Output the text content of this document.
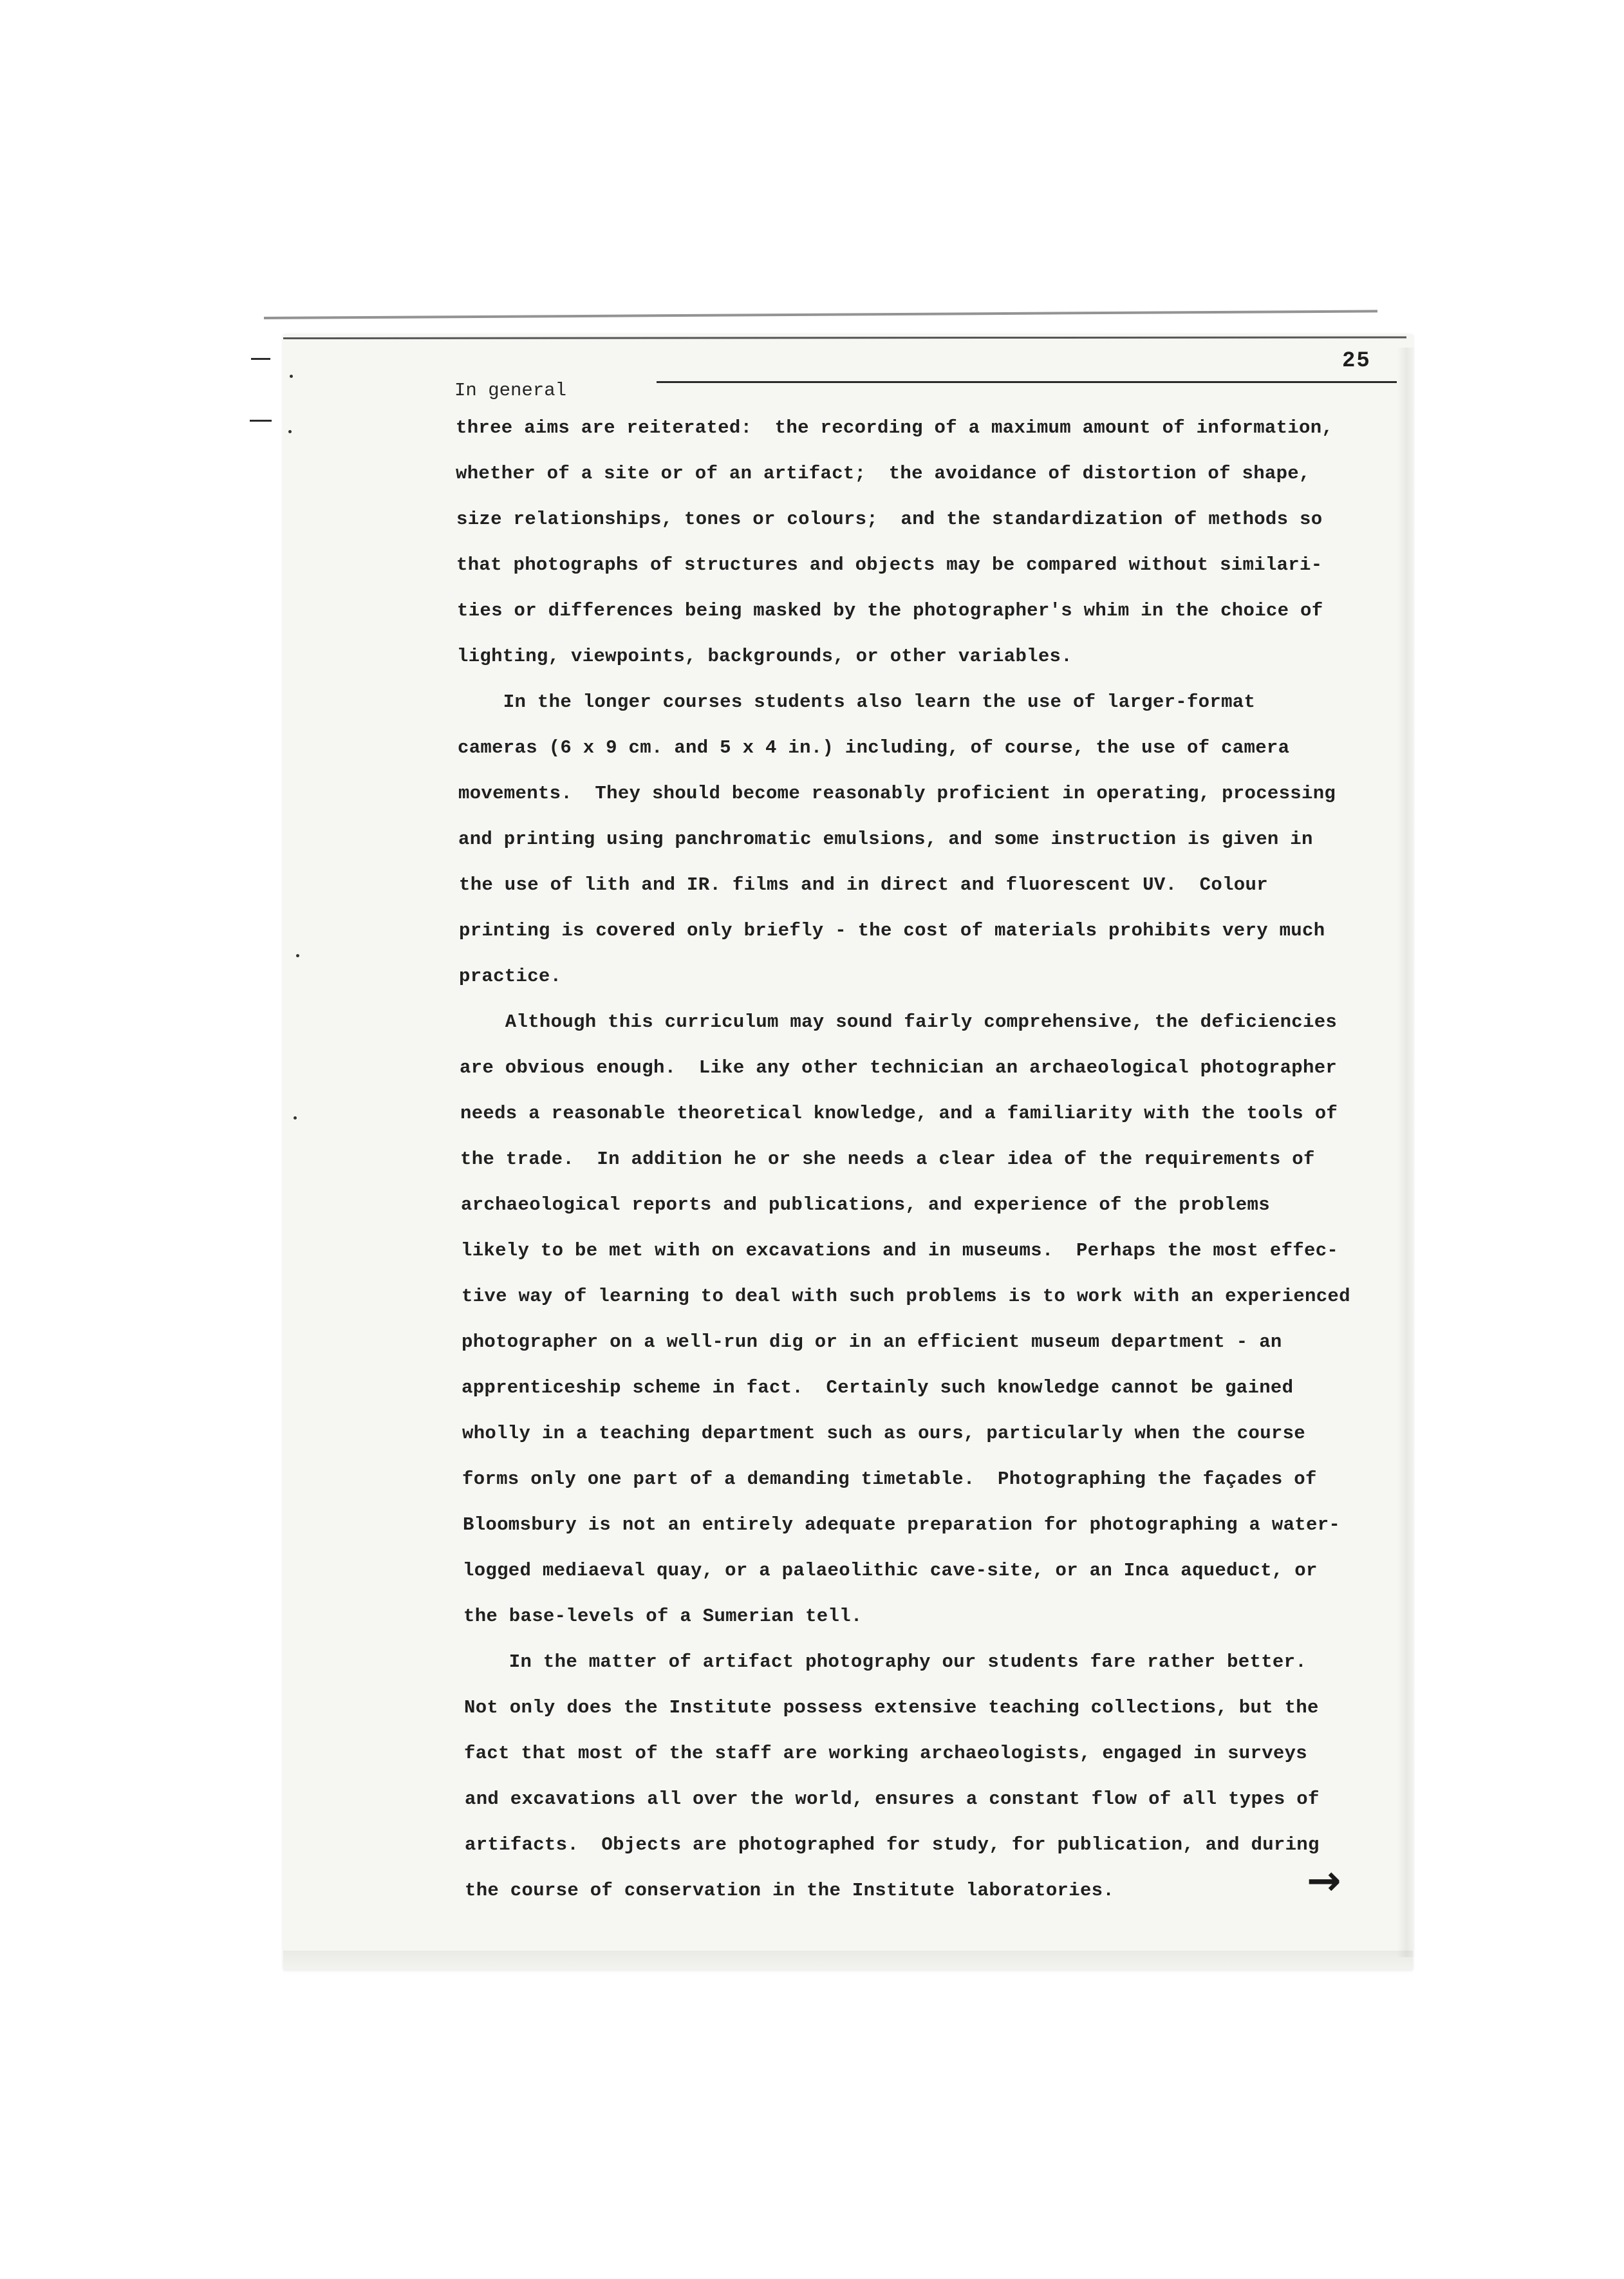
25
In general
three aims are reiterated:  the recording of a maximum amount of information,
whether of a site or of an artifact;  the avoidance of distortion of shape,
size relationships, tones or colours;  and the standardization of methods so
that photographs of structures and objects may be compared without similari-
ties or differences being masked by the photographer's whim in the choice of
lighting, viewpoints, backgrounds, or other variables.
In the longer courses students also learn the use of larger-format
cameras (6 x 9 cm. and 5 x 4 in.) including, of course, the use of camera
movements.  They should become reasonably proficient in operating, processing
and printing using panchromatic emulsions, and some instruction is given in
the use of lith and IR. films and in direct and fluorescent UV.  Colour
printing is covered only briefly - the cost of materials prohibits very much
practice.
Although this curriculum may sound fairly comprehensive, the deficiencies
are obvious enough.  Like any other technician an archaeological photographer
needs a reasonable theoretical knowledge, and a familiarity with the tools of
the trade.  In addition he or she needs a clear idea of the requirements of
archaeological reports and publications, and experience of the problems
likely to be met with on excavations and in museums.  Perhaps the most effec-
tive way of learning to deal with such problems is to work with an experienced
photographer on a well-run dig or in an efficient museum department - an
apprenticeship scheme in fact.  Certainly such knowledge cannot be gained
wholly in a teaching department such as ours, particularly when the course
forms only one part of a demanding timetable.  Photographing the façades of
Bloomsbury is not an entirely adequate preparation for photographing a water-
logged mediaeval quay, or a palaeolithic cave-site, or an Inca aqueduct, or
the base-levels of a Sumerian tell.
In the matter of artifact photography our students fare rather better.
Not only does the Institute possess extensive teaching collections, but the
fact that most of the staff are working archaeologists, engaged in surveys
and excavations all over the world, ensures a constant flow of all types of
artifacts.  Objects are photographed for study, for publication, and during
the course of conservation in the Institute laboratories.	→
